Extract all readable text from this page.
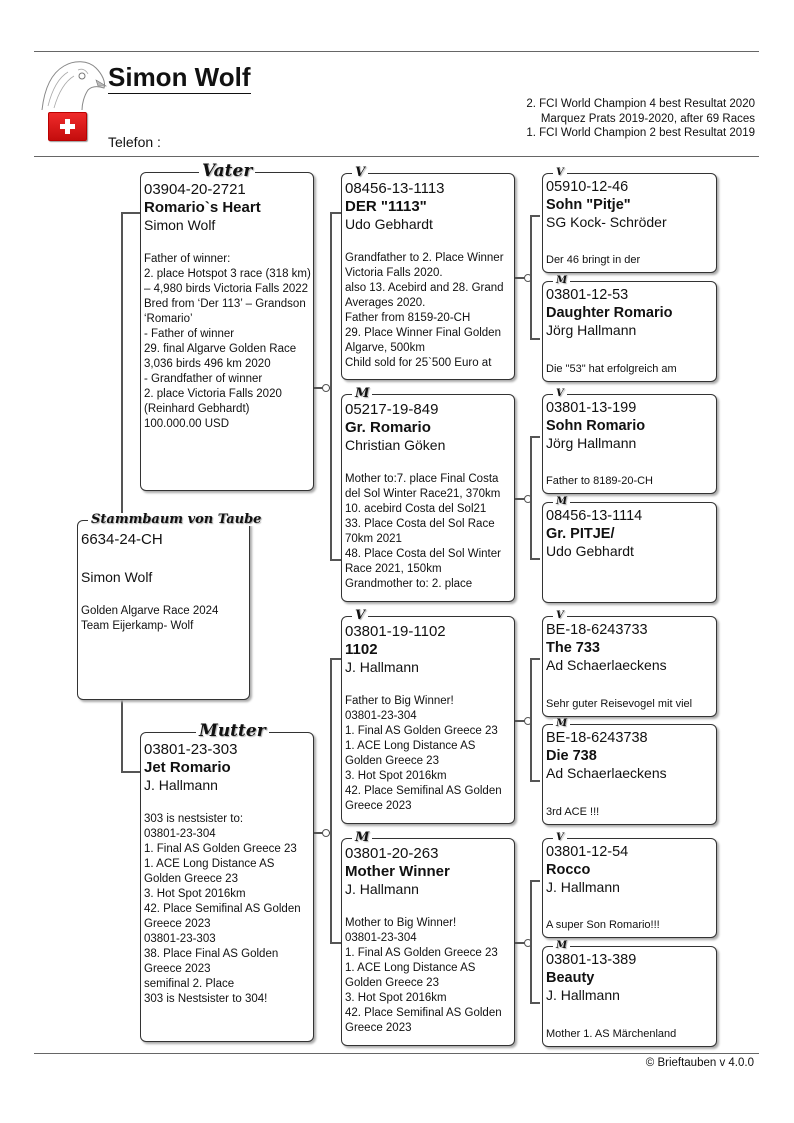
Simon Wolf
Telefon :
2. FCI World Champion 4 best Resultat 2020
Marquez Prats 2019-2020, after 69 Races
1. FCI World Champion 2 best Resultat 2019
Stammbaum von Taube
6634-24-CH
Simon Wolf
Golden Algarve Race 2024
Team Eijerkamp- Wolf
Vater
03904-20-2721
Romario`s Heart
Simon Wolf
Father of winner:
2. place Hotspot 3 race (318 km) – 4,980 birds Victoria Falls 2022
Bred from ‘Der 113’ – Grandson ‘Romario’
- Father of winner
29. final Algarve Golden Race 3,036 birds 496 km 2020
- Grandfather of winner
2. place Victoria Falls 2020 (Reinhard Gebhardt)
100.000.00 USD
Mutter
03801-23-303
Jet Romario
J. Hallmann
303 is nestsister to:
03801-23-304
1. Final AS Golden Greece 23
1. ACE Long Distance AS Golden Greece 23
3. Hot Spot 2016km
42. Place Semifinal AS Golden Greece 2023
03801-23-303
38. Place Final AS Golden Greece 2023
semifinal 2. Place
303 is Nestsister to 304!
V
08456-13-1113
DER "1113"
Udo Gebhardt
Grandfather to 2. Place Winner Victoria Falls 2020.
also 13. Acebird and 28. Grand Averages 2020.
Father from 8159-20-CH
29. Place Winner Final Golden Algarve, 500km
Child sold for 25`500 Euro at
M
05217-19-849
Gr. Romario
Christian Göken
Mother to:7. place Final Costa del Sol Winter Race21, 370km
10. acebird Costa del Sol21
33. Place Costa del Sol Race 70km 2021
48. Place Costa del Sol Winter Race 2021, 150km
Grandmother to: 2. place
V
03801-19-1102
1102
J. Hallmann
Father to Big Winner!
03801-23-304
1. Final AS Golden Greece 23
1. ACE Long Distance AS Golden Greece 23
3. Hot Spot 2016km
42. Place Semifinal AS Golden Greece 2023
M
03801-20-263
Mother Winner
J. Hallmann
Mother to Big Winner!
03801-23-304
1. Final AS Golden Greece 23
1. ACE Long Distance AS Golden Greece 23
3. Hot Spot 2016km
42. Place Semifinal AS Golden Greece 2023
V
05910-12-46
Sohn "Pitje"
SG Kock- Schröder
Der 46 bringt in der
M
03801-12-53
Daughter Romario
Jörg Hallmann
Die "53" hat erfolgreich am
V
03801-13-199
Sohn Romario
Jörg Hallmann
Father to 8189-20-CH
M
08456-13-1114
Gr. PITJE/
Udo Gebhardt
V
BE-18-6243733
The 733
Ad Schaerlaeckens
Sehr guter Reisevogel mit viel
M
BE-18-6243738
Die 738
Ad Schaerlaeckens
3rd ACE !!!
V
03801-12-54
Rocco
J. Hallmann
A super Son Romario!!!
M
03801-13-389
Beauty
J. Hallmann
Mother 1. AS Märchenland
© Brieftauben v 4.0.0
